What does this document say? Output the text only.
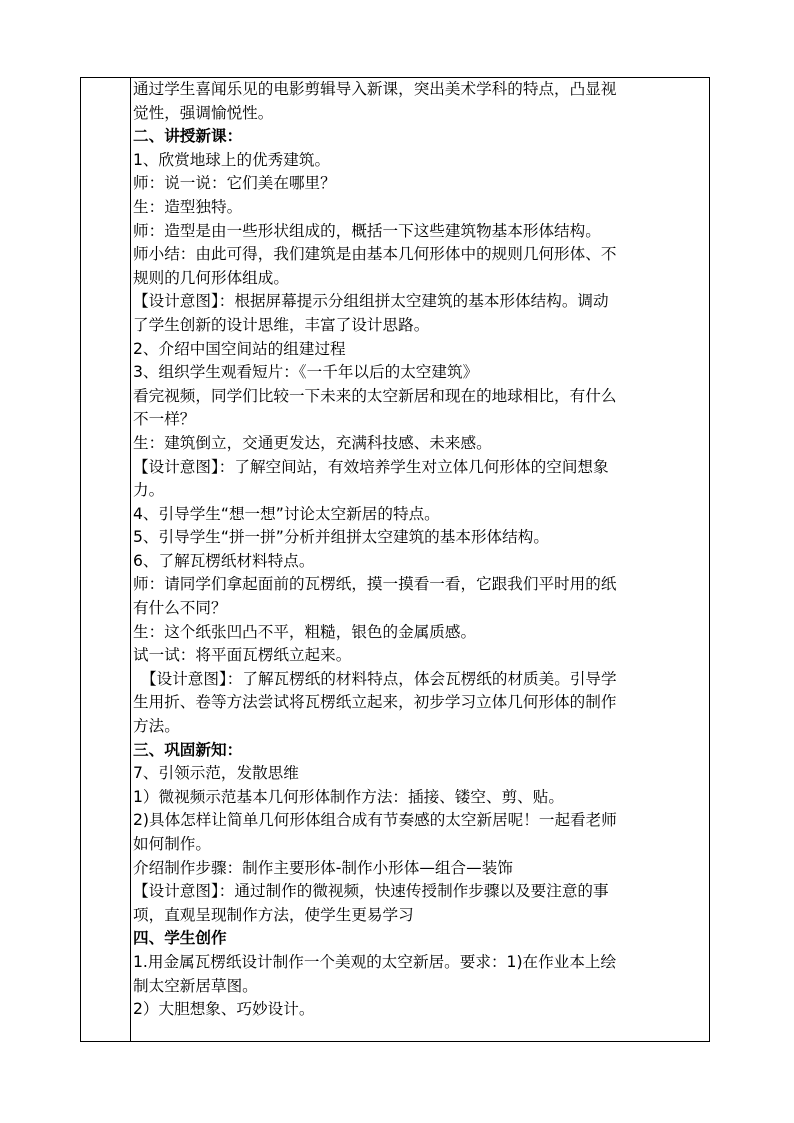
通过学生喜闻乐见的电影剪辑导入新课，突出美术学科的特点，凸显视
觉性，强调愉悦性。
二、讲授新课：
1、欣赏地球上的优秀建筑。
师：说一说：它们美在哪里？
生：造型独特。
师：造型是由一些形状组成的，概括一下这些建筑物基本形体结构。
师小结：由此可得，我们建筑是由基本几何形体中的规则几何形体、不
规则的几何形体组成。
【设计意图】：根据屏幕提示分组组拼太空建筑的基本形体结构。调动
了学生创新的设计思维，丰富了设计思路。
2、介绍中国空间站的组建过程
3、组织学生观看短片：《一千年以后的太空建筑》
看完视频，同学们比较一下未来的太空新居和现在的地球相比，有什么
不一样？
生：建筑倒立，交通更发达，充满科技感、未来感。
【设计意图】：了解空间站，有效培养学生对立体几何形体的空间想象
力。
4、引导学生“想一想”讨论太空新居的特点。
5、引导学生“拼一拼”分析并组拼太空建筑的基本形体结构。
6、了解瓦楞纸材料特点。
师：请同学们拿起面前的瓦楞纸，摸一摸看一看，它跟我们平时用的纸
有什么不同？
生：这个纸张凹凸不平，粗糙，银色的金属质感。
试一试：将平面瓦楞纸立起来。
【设计意图】：了解瓦楞纸的材料特点，体会瓦楞纸的材质美。引导学
生用折、卷等方法尝试将瓦楞纸立起来，初步学习立体几何形体的制作
方法。
三、巩固新知：
7、引领示范，发散思维
1）微视频示范基本几何形体制作方法：插接、镂空、剪、贴。
2)具体怎样让简单几何形体组合成有节奏感的太空新居呢！一起看老师
如何制作。
介绍制作步骤：制作主要形体-制作小形体—组合—装饰
【设计意图】：通过制作的微视频，快速传授制作步骤以及要注意的事
项，直观呈现制作方法，使学生更易学习
四、学生创作
1.用金属瓦楞纸设计制作一个美观的太空新居。要求：1)在作业本上绘
制太空新居草图。
2）大胆想象、巧妙设计。
